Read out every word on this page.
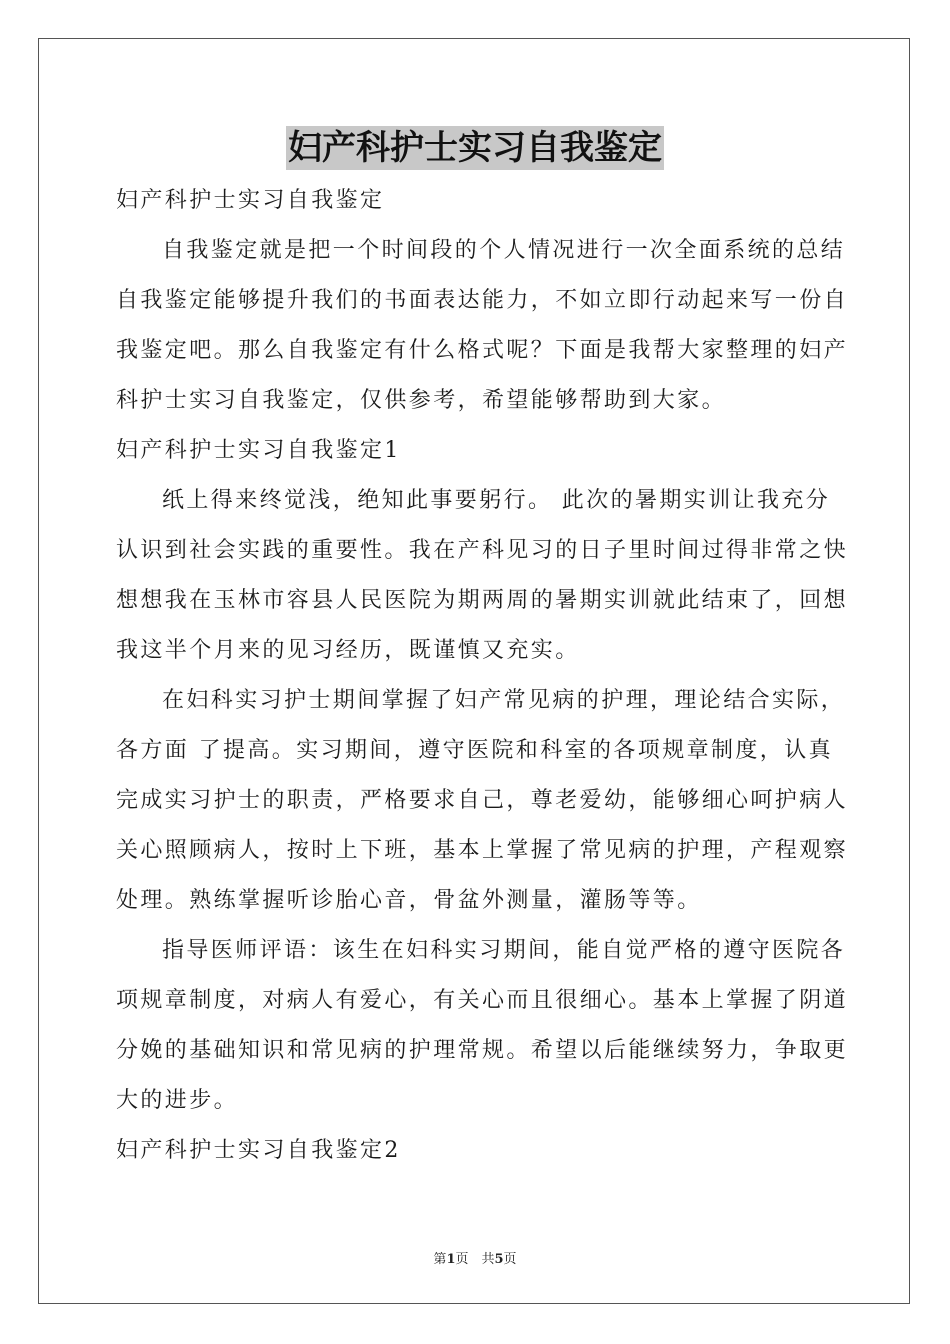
妇产科护士实习自我鉴定
妇产科护士实习自我鉴定
自我鉴定就是把一个时间段的个人情况进行一次全面系统的总结
自我鉴定能够提升我们的书面表达能力，不如立即行动起来写一份自
我鉴定吧。那么自我鉴定有什么格式呢？下面是我帮大家整理的妇产
科护士实习自我鉴定，仅供参考，希望能够帮助到大家。
妇产科护士实习自我鉴定1
纸上得来终觉浅，绝知此事要躬行。 此次的暑期实训让我充分
认识到社会实践的重要性。我在产科见习的日子里时间过得非常之快
想想我在玉林市容县人民医院为期两周的暑期实训就此结束了，回想
我这半个月来的见习经历，既谨慎又充实。
在妇科实习护士期间掌握了妇产常见病的护理，理论结合实际，
各方面 了提高。实习期间，遵守医院和科室的各项规章制度，认真
完成实习护士的职责，严格要求自己，尊老爱幼，能够细心呵护病人
关心照顾病人，按时上下班，基本上掌握了常见病的护理，产程观察
处理。熟练掌握听诊胎心音，骨盆外测量，灌肠等等。
指导医师评语：该生在妇科实习期间，能自觉严格的遵守医院各
项规章制度，对病人有爱心，有关心而且很细心。基本上掌握了阴道
分娩的基础知识和常见病的护理常规。希望以后能继续努力，争取更
大的进步。
妇产科护士实习自我鉴定2
第1页　共5页
